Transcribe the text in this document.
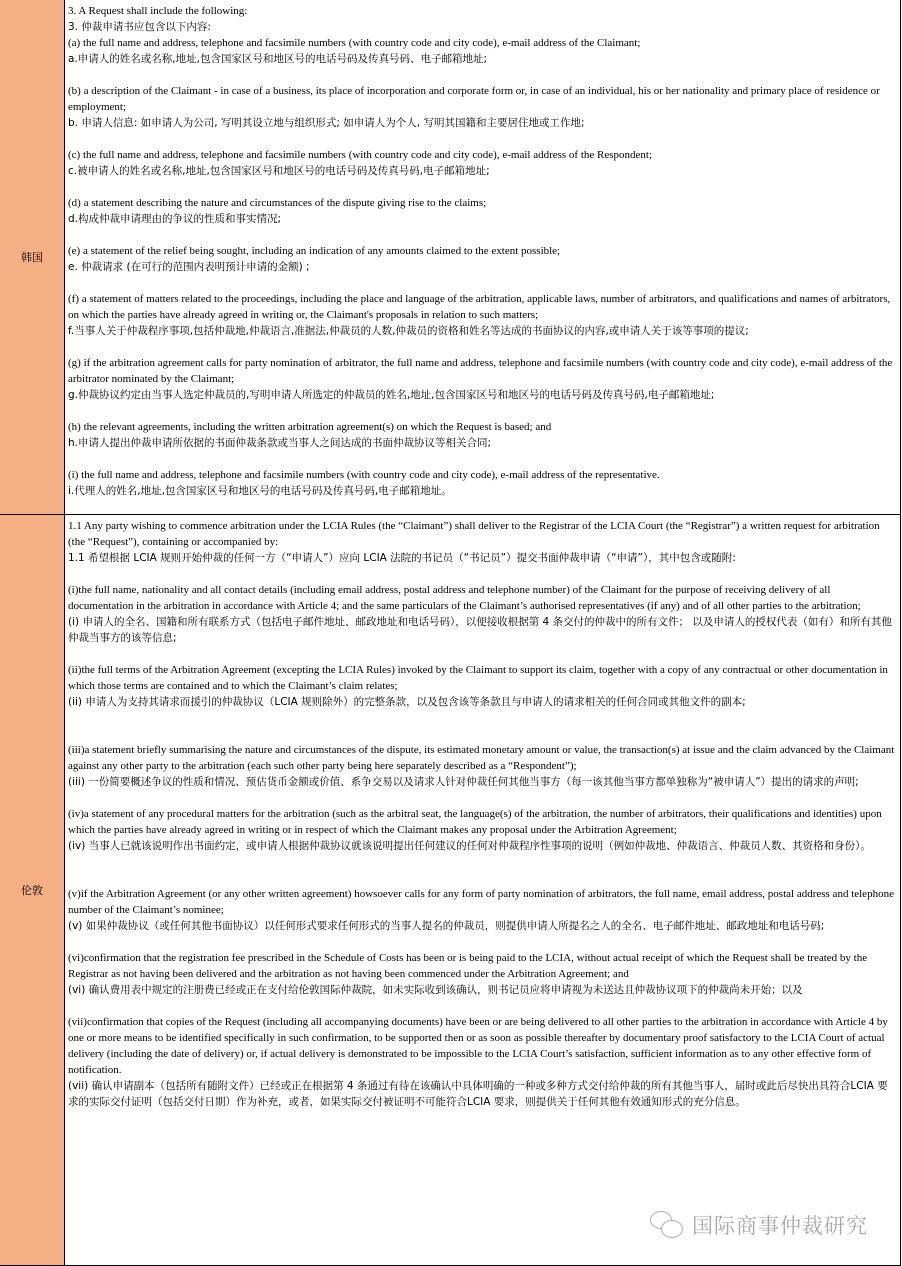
韩国

3. A Request shall include the following:
3. 仲裁申请书应包含以下内容:
(a) the full name and address, telephone and facsimile numbers (with country code and city code), e-mail address of the Claimant;
a.申请人的姓名或名称,地址,包含国家区号和地区号的电话号码及传真号码、电子邮箱地址;

(b) a description of the Claimant - in case of a business, its place of incorporation and corporate form or, in case of an individual, his or her nationality and primary place of residence or employment;
b. 申请人信息: 如申请人为公司, 写明其设立地与组织形式; 如申请人为个人, 写明其国籍和主要居住地或工作地;

(c) the full name and address, telephone and facsimile numbers (with country code and city code), e-mail address of the Respondent;
c.被申请人的姓名或名称,地址,包含国家区号和地区号的电话号码及传真号码,电子邮箱地址;

(d) a statement describing the nature and circumstances of the dispute giving rise to the claims;
d.构成仲裁申请理由的争议的性质和事实情况;

(e) a statement of the relief being sought, including an indication of any amounts claimed to the extent possible;
e. 仲裁请求 (在可行的范围内表明预计申请的金额) ;

(f) a statement of matters related to the proceedings, including the place and language of the arbitration, applicable laws, number of arbitrators, and qualifications and names of arbitrators, on which the parties have already agreed in writing or, the Claimant's proposals in relation to such matters;
f.当事人关于仲裁程序事项,包括仲裁地,仲裁语言,准据法,仲裁员的人数,仲裁员的资格和姓名等达成的书面协议的内容,或申请人关于该等事项的提议;

(g) if the arbitration agreement calls for party nomination of arbitrator, the full name and address, telephone and facsimile numbers (with country code and city code), e-mail address of the arbitrator nominated by the Claimant;
g.仲裁协议约定由当事人选定仲裁员的,写明申请人所选定的仲裁员的姓名,地址,包含国家区号和地区号的电话号码及传真号码,电子邮箱地址;

(h) the relevant agreements, including the written arbitration agreement(s) on which the Request is based; and
h.申请人提出仲裁申请所依据的书面仲裁条款或当事人之间达成的书面仲裁协议等相关合同;

(i) the full name and address, telephone and facsimile numbers (with country code and city code), e-mail address of the representative.
i.代理人的姓名,地址,包含国家区号和地区号的电话号码及传真号码,电子邮箱地址。

伦敦

1.1 Any party wishing to commence arbitration under the LCIA Rules (the “Claimant”) shall deliver to the Registrar of the LCIA Court (the “Registrar”) a written request for arbitration (the “Request”), containing or accompanied by:
1.1 希望根据 LCIA 规则开始仲裁的任何一方（“申请人”）应向 LCIA 法院的书记员（“书记员”）提交书面仲裁申请（“申请”），其中包含或随附:

(i)the full name, nationality and all contact details (including email address, postal address and telephone number) of the Claimant for the purpose of receiving delivery of all documentation in the arbitration in accordance with Article 4; and the same particulars of the Claimant’s authorised representatives (if any) and of all other parties to the arbitration;
(i) 申请人的全名、国籍和所有联系方式（包括电子邮件地址、邮政地址和电话号码），以便接收根据第 4 条交付的仲裁中的所有文件； 以及申请人的授权代表（如有）和所有其他仲裁当事方的该等信息;

(ii)the full terms of the Arbitration Agreement (excepting the LCIA Rules) invoked by the Claimant to support its claim, together with a copy of any contractual or other documentation in which those terms are contained and to which the Claimant’s claim relates;
(ii) 申请人为支持其请求而援引的仲裁协议（LCIA 规则除外）的完整条款，以及包含该等条款且与申请人的请求相关的任何合同或其他文件的副本;

(iii)a statement briefly summarising the nature and circumstances of the dispute, its estimated monetary amount or value, the transaction(s) at issue and the claim advanced by the Claimant against any other party to the arbitration (each such other party being here separately described as a “Respondent”);
(iii) 一份简要概述争议的性质和情况、预估货币金额或价值、系争交易以及请求人针对仲裁任何其他当事方（每一该其他当事方都单独称为“被申请人”）提出的请求的声明;

(iv)a statement of any procedural matters for the arbitration (such as the arbitral seat, the language(s) of the arbitration, the number of arbitrators, their qualifications and identities) upon which the parties have already agreed in writing or in respect of which the Claimant makes any proposal under the Arbitration Agreement;
(iv) 当事人已就该说明作出书面约定，或申请人根据仲裁协议就该说明提出任何建议的任何对仲裁程序性事项的说明（例如仲裁地、仲裁语言、仲裁员人数、其资格和身份）。

(v)if the Arbitration Agreement (or any other written agreement) howsoever calls for any form of party nomination of arbitrators, the full name, email address, postal address and telephone number of the Claimant’s nominee;
(v) 如果仲裁协议（或任何其他书面协议）以任何形式要求任何形式的当事人提名的仲裁员，则提供申请人所提名之人的全名、电子邮件地址、邮政地址和电话号码;

(vi)confirmation that the registration fee prescribed in the Schedule of Costs has been or is being paid to the LCIA, without actual receipt of which the Request shall be treated by the Registrar as not having been delivered and the arbitration as not having been commenced under the Arbitration Agreement; and
(vi) 确认费用表中规定的注册费已经或正在支付给伦敦国际仲裁院，如未实际收到该确认，则书记员应将申请视为未送达且仲裁协议项下的仲裁尚未开始；以及

(vii)confirmation that copies of the Request (including all accompanying documents) have been or are being delivered to all other parties to the arbitration in accordance with Article 4 by one or more means to be identified specifically in such confirmation, to be supported then or as soon as possible thereafter by documentary proof satisfactory to the LCIA Court of actual delivery (including the date of delivery) or, if actual delivery is demonstrated to be impossible to the LCIA Court’s satisfaction, sufficient information as to any other effective form of notification.
(vii) 确认申请副本（包括所有随附文件）已经或正在根据第 4 条通过有待在该确认中具体明确的一种或多种方式交付给仲裁的所有其他当事人，届时或此后尽快出具符合LCIA 要求的实际交付证明（包括交付日期）作为补充，或者，如果实际交付被证明不可能符合LCIA 要求，则提供关于任何其他有效通知形式的充分信息。

国际商事仲裁研究
